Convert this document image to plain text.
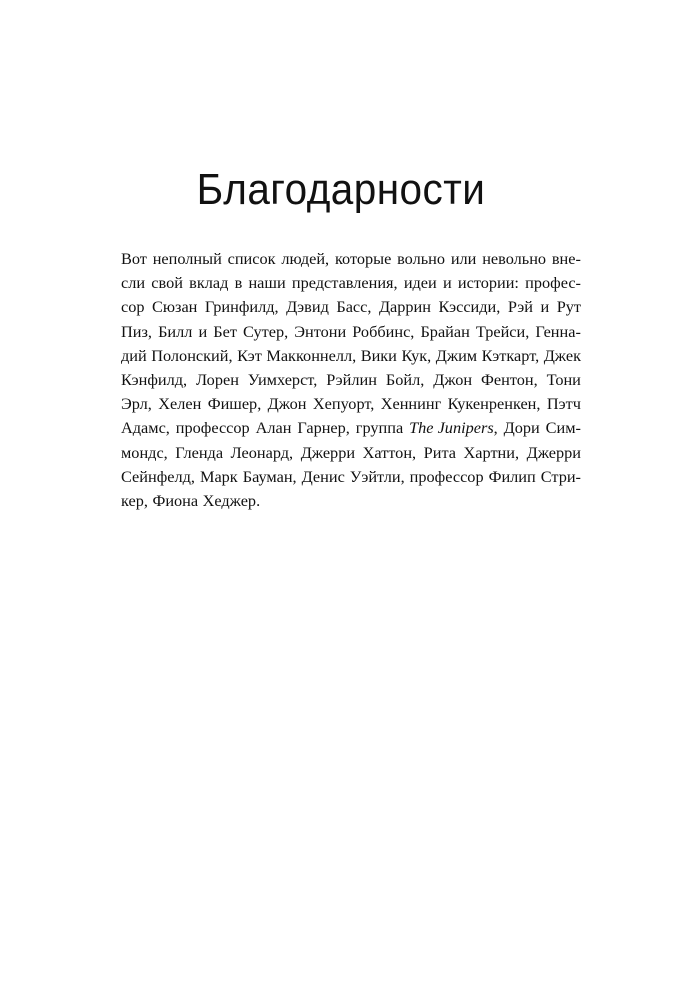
Благодарности
Вот неполный список людей, которые вольно или невольно вне-
сли свой вклад в наши представления, идеи и истории: профес-
сор Сюзан Гринфилд, Дэвид Басс, Даррин Кэссиди, Рэй и Рут
Пиз, Билл и Бет Сутер, Энтони Роббинс, Брайан Трейси, Генна-
дий Полонский, Кэт Макконнелл, Вики Кук, Джим Кэткарт, Джек
Кэнфилд, Лорен Уимхерст, Рэйлин Бойл, Джон Фентон, Тони
Эрл, Хелен Фишер, Джон Хепуорт, Хеннинг Кукенренкен, Пэтч
Адамс, профессор Алан Гарнер, группа The Junipers, Дори Сим-
мондс, Гленда Леонард, Джерри Хаттон, Рита Хартни, Джерри
Сейнфелд, Марк Бауман, Денис Уэйтли, профессор Филип Стри-
кер, Фиона Хеджер.
